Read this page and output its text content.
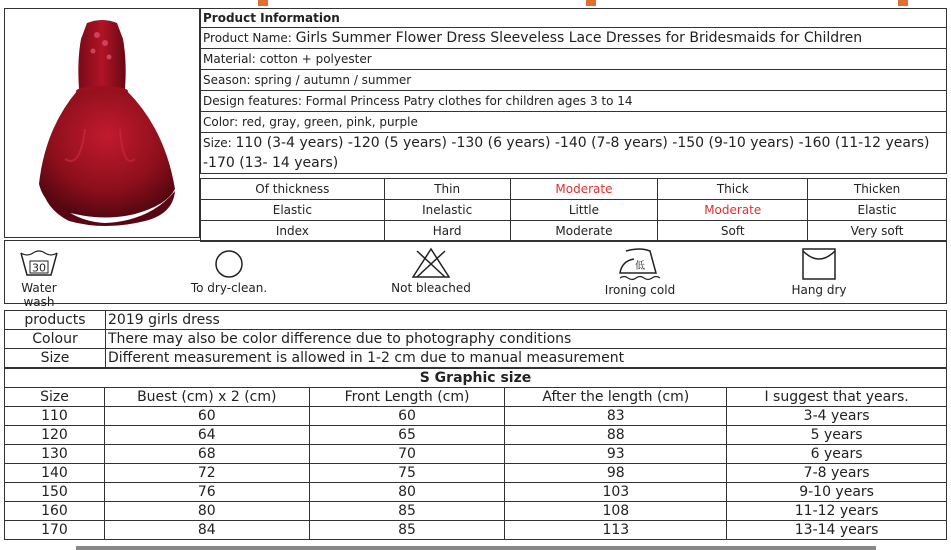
Product Information
Product Name: Girls Summer Flower Dress Sleeveless Lace Dresses for Bridesmaids for Children
Material: cotton + polyester
Season: spring / autumn / summer
Design features: Formal Princess Patry clothes for children ages 3 to 14
Color: red, gray, green, pink, purple
Size: 110 (3-4 years) -120 (5 years) -130 (6 years) -140 (7-8 years) -150 (9-10 years) -160 (11-12 years) -170 (13- 14 years)
Of thickness	Thin	Moderate	Thick	Thicken
Elastic	Inelastic	Little	Moderate	Elastic
Index	Hard	Moderate	Soft	Very soft
30
Water wash
To dry-clean.	Not bleached
低
Ironing cold	Hang dry
products	2019 girls dress
Colour	There may also be color difference due to photography conditions
Size	Different measurement is allowed in 1-2 cm due to manual measurement
S Graphic size				
Size	Buest (cm) x 2 (cm)	Front Length (cm)	After the length (cm)	I suggest that years.
110	60	60	83	3-4 years
120	64	65	88	5 years
130	68	70	93	6 years
140	72	75	98	7-8 years
150	76	80	103	9-10 years
160	80	85	108	11-12 years
170	84	85	113	13-14 years
